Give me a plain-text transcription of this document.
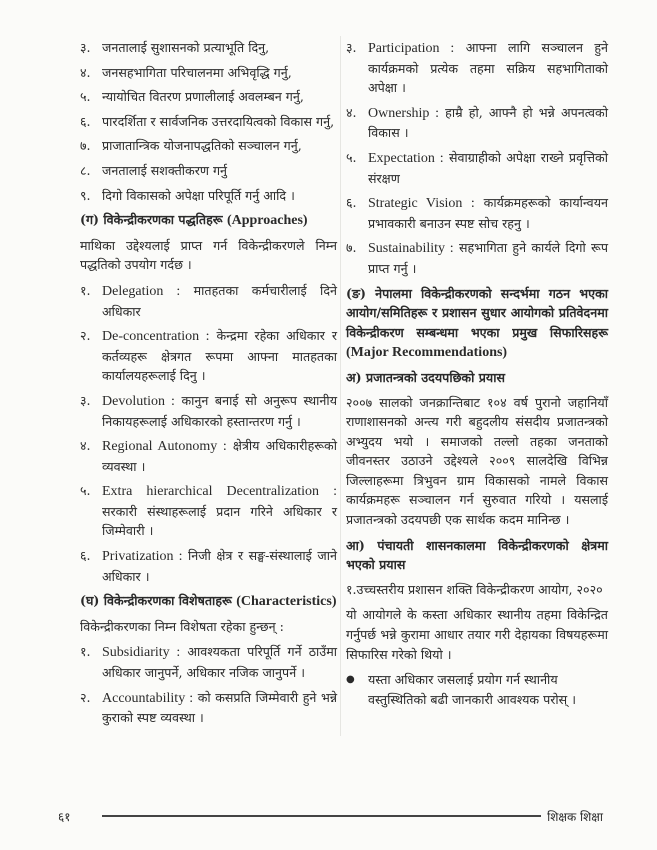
३. जनतालाई सुशासनको प्रत्याभूति दिनु,
४. जनसहभागिता परिचालनमा अभिवृद्धि गर्नु,
५. न्यायोचित वितरण प्रणालीलाई अवलम्बन गर्नु,
६. पारदर्शिता र सार्वजनिक उत्तरदायित्वको विकास गर्नु,
७. प्राजातान्त्रिक योजनापद्धतिको सञ्चालन गर्नु,
८. जनतालाई सशक्तीकरण गर्नु
९. दिगो विकासको अपेक्षा परिपूर्ति गर्नु आदि ।
(ग) विकेन्द्रीकरणका पद्धतिहरू (Approaches)
माथिका उद्देश्यलाई प्राप्त गर्न विकेन्द्रीकरणले निम्न पद्धतिको उपयोग गर्दछ ।
१. Delegation : मातहतका कर्मचारीलाई दिने अधिकार
२. De-concentration : केन्द्रमा रहेका अधिकार र कर्तव्यहरू क्षेत्रगत रूपमा आफ्ना मातहतका कार्यालयहरूलाई दिनु ।
३. Devolution : कानुन बनाई सो अनुरूप स्थानीय निकायहरूलाई अधिकारको हस्तान्तरण गर्नु ।
४. Regional Autonomy : क्षेत्रीय अधिकारीहरूको व्यवस्था ।
५. Extra hierarchical Decentralization : सरकारी संस्थाहरूलाई प्रदान गरिने अधिकार र जिम्मेवारी ।
६. Privatization : निजी क्षेत्र र सङ्घ-संस्थालाई जाने अधिकार ।
(घ) विकेन्द्रीकरणका विशेषताहरू (Characteristics)
विकेन्द्रीकरणका निम्न विशेषता रहेका हुन्छन् :
१. Subsidiarity : आवश्यकता परिपूर्ति गर्ने ठाउँमा अधिकार जानुपर्ने, अधिकार नजिक जानुपर्ने ।
२. Accountability : को कसप्रति जिम्मेवारी हुने भन्ने कुराको स्पष्ट व्यवस्था ।
३. Participation : आफ्ना लागि सञ्चालन हुने कार्यक्रमको प्रत्येक तहमा सक्रिय सहभागिताको अपेक्षा ।
४. Ownership : हाम्रै हो, आफ्नै हो भन्ने अपनत्वको विकास ।
५. Expectation : सेवाग्राहीको अपेक्षा राख्ने प्रवृत्तिको संरक्षण
६. Strategic Vision : कार्यक्रमहरूको कार्यान्वयन प्रभावकारी बनाउन स्पष्ट सोच रहनु ।
७. Sustainability : सहभागिता हुने कार्यले दिगो रूप प्राप्त गर्नु ।
(ङ) नेपालमा विकेन्द्रीकरणको सन्दर्भमा गठन भएका आयोग/समितिहरू र प्रशासन सुधार आयोगको प्रतिवेदनमा विकेन्द्रीकरण सम्बन्धमा भएका प्रमुख सिफारिसहरू (Major Recommendations)
अ) प्रजातन्त्रको उदयपछिको प्रयास
२००७ सालको जनक्रान्तिबाट १०४ वर्ष पुरानो जहानियाँ राणाशासनको अन्त्य गरी बहुदलीय संसदीय प्रजातन्त्रको अभ्युदय भयो । समाजको तल्लो तहका जनताको जीवनस्तर उठाउने उद्देश्यले २००९ सालदेखि विभिन्न जिल्लाहरूमा त्रिभुवन ग्राम विकासको नामले विकास कार्यक्रमहरू सञ्चालन गर्न सुरुवात गरियो । यसलाई प्रजातन्त्रको उदयपछी एक सार्थक कदम मानिन्छ ।
आ) पंचायती शासनकालमा विकेन्द्रीकरणको क्षेत्रमा भएको प्रयास
१.उच्चस्तरीय प्रशासन शक्ति विकेन्द्रीकरण आयोग, २०२०
यो आयोगले के कस्ता अधिकार स्थानीय तहमा विकेन्द्रित गर्नुपर्छ भन्ने कुरामा आधार तयार गरी देहायका विषयहरूमा सिफारिस गरेको थियो ।
●	यस्ता अधिकार जसलाई प्रयोग गर्न स्थानीय वस्तुस्थितिको बढी जानकारी आवश्यक परोस् ।
६१	शिक्षक शिक्षा
